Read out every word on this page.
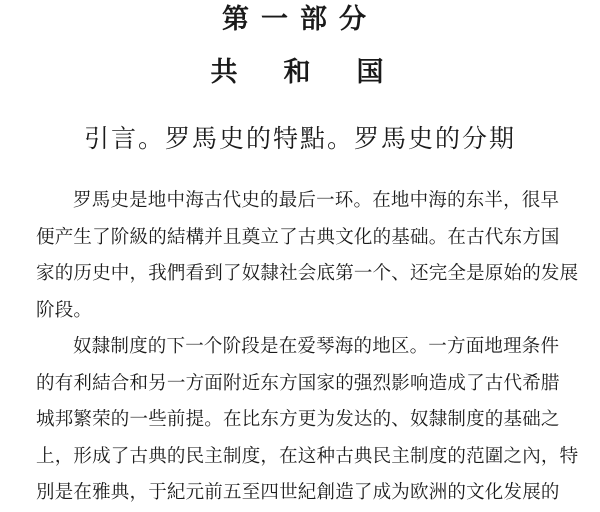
第一部分
共和国
引言。罗馬史的特點。罗馬史的分期
罗馬史是地中海古代史的最后一环。在地中海的东半，很早
便产生了阶級的結構并且奠立了古典文化的基础。在古代东方国
家的历史中，我們看到了奴隸社会底第一个、还完全是原始的发展
阶段。
奴隸制度的下一个阶段是在爱琴海的地区。一方面地理条件
的有利結合和另一方面附近东方国家的强烈影响造成了古代希腊
城邦繁荣的一些前提。在比东方更为发达的、奴隸制度的基础之
上，形成了古典的民主制度，在这种古典民主制度的范圍之內，特
別是在雅典，于紀元前五至四世紀創造了成为欧洲的文化发展的
